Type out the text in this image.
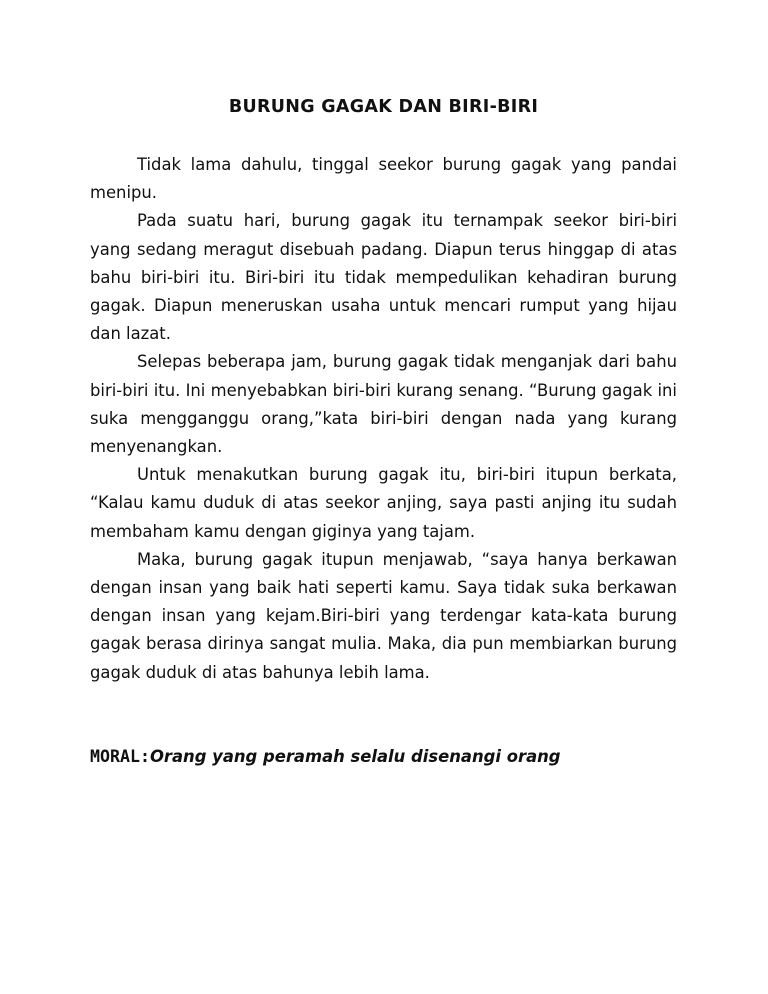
BURUNG GAGAK DAN BIRI-BIRI

Tidak lama dahulu, tinggal seekor burung gagak yang pandai menipu.

Pada suatu hari, burung gagak itu ternampak seekor biri-biri yang sedang meragut disebuah padang. Diapun terus hinggap di atas bahu biri-biri itu. Biri-biri itu tidak mempedulikan kehadiran burung gagak. Diapun meneruskan usaha untuk mencari rumput yang hijau dan lazat.

Selepas beberapa jam, burung gagak tidak menganjak dari bahu biri-biri itu. Ini menyebabkan biri-biri kurang senang. “Burung gagak ini suka mengganggu orang,”kata biri-biri dengan nada yang kurang menyenangkan.

Untuk menakutkan burung gagak itu, biri-biri itupun berkata, “Kalau kamu duduk di atas seekor anjing, saya pasti anjing itu sudah membaham kamu dengan giginya yang tajam.

Maka, burung gagak itupun menjawab, “saya hanya berkawan dengan insan yang baik hati seperti kamu. Saya tidak suka berkawan dengan insan yang kejam.Biri-biri yang terdengar kata-kata burung gagak berasa dirinya sangat mulia. Maka, dia pun membiarkan burung gagak duduk di atas bahunya lebih lama.

MORAL:Orang yang peramah selalu disenangi orang
